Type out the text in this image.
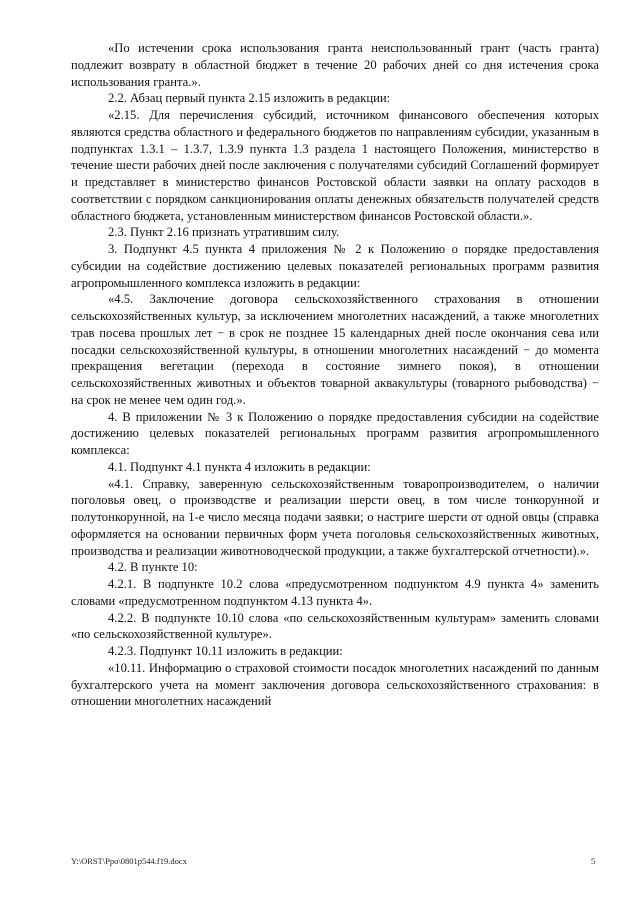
«По истечении срока использования гранта неиспользованный грант (часть гранта) подлежит возврату в областной бюджет в течение 20 рабочих дней со дня истечения срока использования гранта.».

2.2. Абзац первый пункта 2.15 изложить в редакции:

«2.15. Для перечисления субсидий, источником финансового обеспечения которых являются средства областного и федерального бюджетов по направлениям субсидии, указанным в подпунктах 1.3.1 – 1.3.7, 1.3.9 пункта 1.3 раздела 1 настоящего Положения, министерство в течение шести рабочих дней после заключения с получателями субсидий Соглашений формирует и представляет в министерство финансов Ростовской области заявки на оплату расходов в соответствии с порядком санкционирования оплаты денежных обязательств получателей средств областного бюджета, установленным министерством финансов Ростовской области.».

2.3. Пункт 2.16 признать утратившим силу.

3. Подпункт 4.5 пункта 4 приложения № 2 к Положению о порядке предоставления субсидии на содействие достижению целевых показателей региональных программ развития агропромышленного комплекса изложить в редакции:

«4.5. Заключение договора сельскохозяйственного страхования в отношении сельскохозяйственных культур, за исключением многолетних насаждений, а также многолетних трав посева прошлых лет − в срок не позднее 15 календарных дней после окончания сева или посадки сельскохозяйственной культуры, в отношении многолетних насаждений − до момента прекращения вегетации (перехода в состояние зимнего покоя), в отношении сельскохозяйственных животных и объектов товарной аквакультуры (товарного рыбоводства) − на срок не менее чем один год.».

4. В приложении № 3 к Положению о порядке предоставления субсидии на содействие достижению целевых показателей региональных программ развития агропромышленного комплекса:

4.1. Подпункт 4.1 пункта 4 изложить в редакции:

«4.1. Справку, заверенную сельскохозяйственным товаропроизводителем, о наличии поголовья овец, о производстве и реализации шерсти овец, в том числе тонкорунной и полутонкорунной, на 1-е число месяца подачи заявки; о настриге шерсти от одной овцы (справка оформляется на основании первичных форм учета поголовья сельскохозяйственных животных, производства и реализации животноводческой продукции, а также бухгалтерской отчетности).».

4.2. В пункте 10:

4.2.1. В подпункте 10.2 слова «предусмотренном подпунктом 4.9 пункта 4» заменить словами «предусмотренном подпунктом 4.13 пункта 4».

4.2.2. В подпункте 10.10 слова «по сельскохозяйственным культурам» заменить словами «по сельскохозяйственной культуре».

4.2.3. Подпункт 10.11 изложить в редакции:

«10.11. Информацию о страховой стоимости посадок многолетних насаждений по данным бухгалтерского учета на момент заключения договора сельскохозяйственного страхования: в отношении многолетних насаждений

Y:\ORST\Ppo\0801p544.f19.docx	5
